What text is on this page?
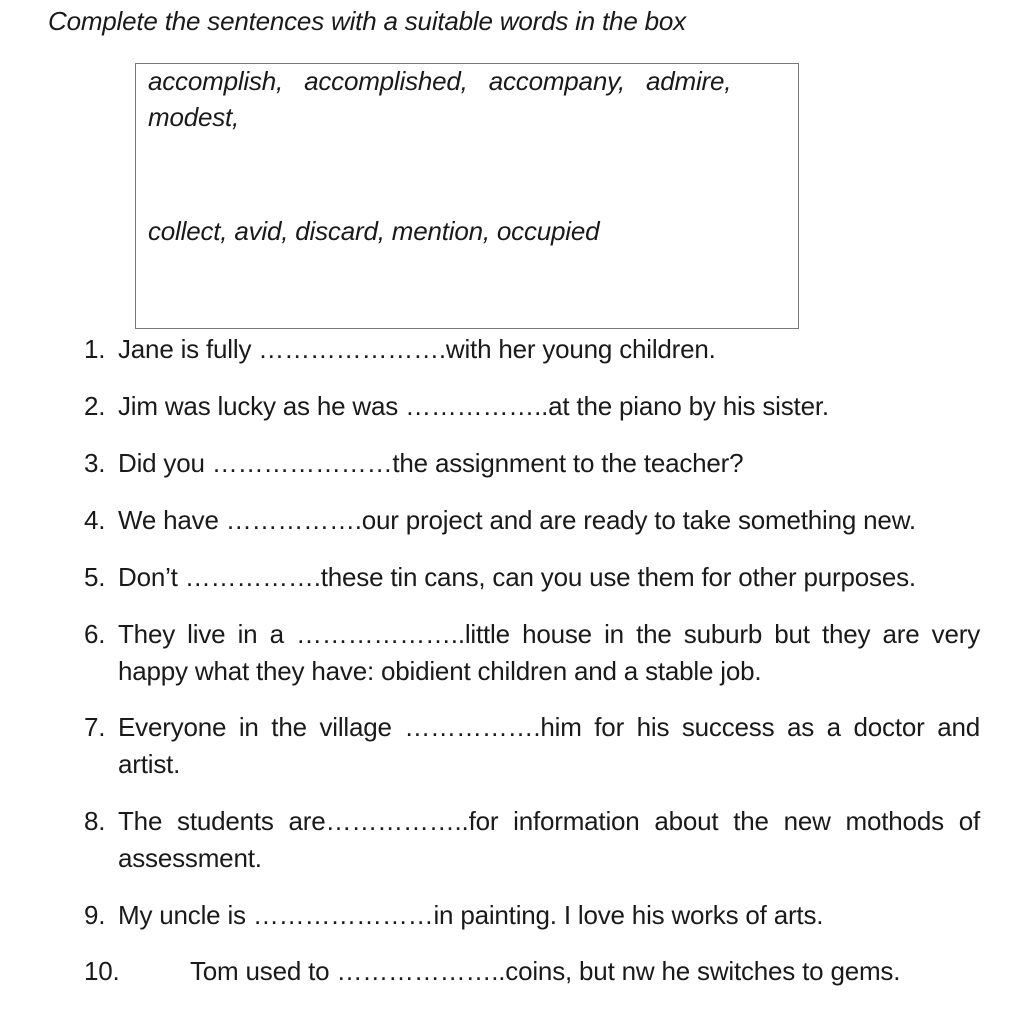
Complete the sentences with a suitable words in the box
accomplish, accomplished, accompany, admire,
modest,
collect, avid, discard, mention, occupied
1. Jane is fully ………………….with her young children.
2. Jim was lucky as he was ……………..at the piano by his sister.
3. Did you …………………the assignment to the teacher?
4. We have …………….our project and are ready to take something new.
5. Don’t …………….these tin cans, can you use them for other purposes.
6. They live in a ………………..little house in the suburb but they are very happy what they have: obidient children and a stable job.
7. Everyone in the village …………….him for his success as a doctor and artist.
8. The students are……………..for information about the new mothods of assessment.
9. My uncle is …………………in painting. I love his works of arts.
10.	Tom used to ………………..coins, but nw he switches to gems.
